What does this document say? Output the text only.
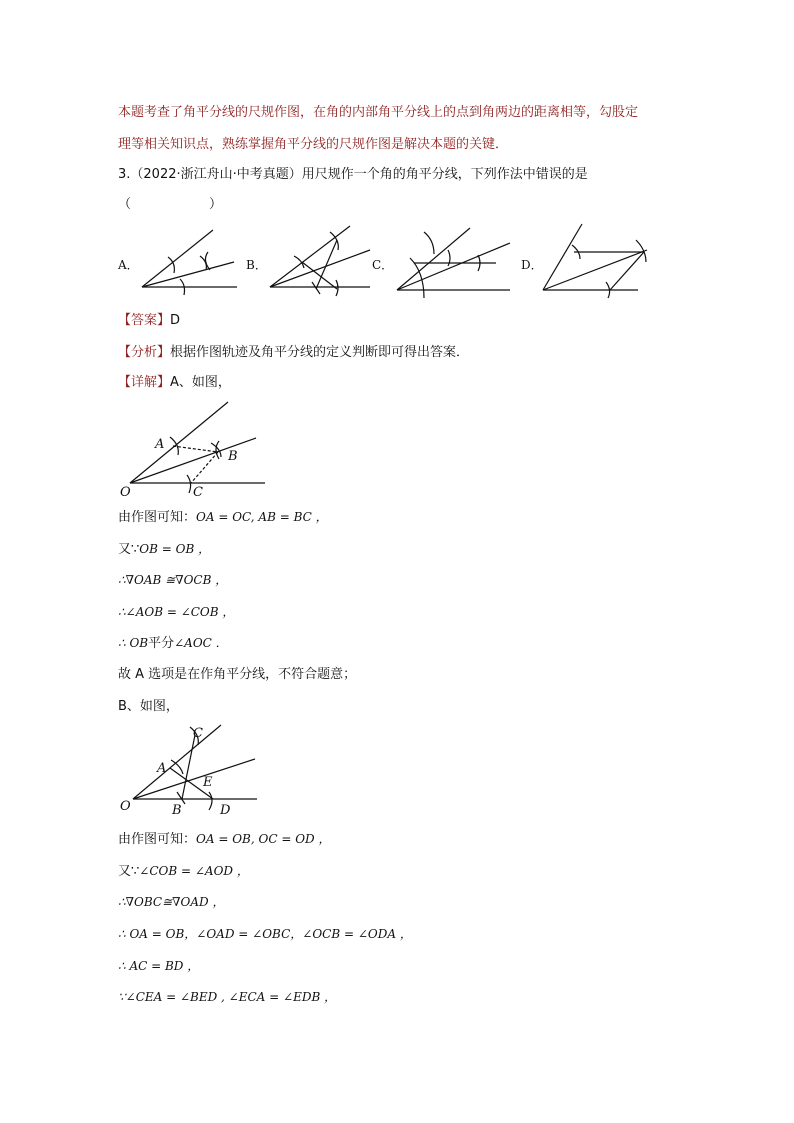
本题考查了角平分线的尺规作图，在角的内部角平分线上的点到角两边的距离相等，勾股定
理等相关知识点，熟练掌握角平分线的尺规作图是解决本题的关键．
3.（2022·浙江舟山·中考真题）用尺规作一个角的角平分线，下列作法中错误的是
（　　　　　　）
A．	B．	C．	D．
【答案】D
【分析】根据作图轨迹及角平分线的定义判断即可得出答案．
【详解】A、如图，
A
B
C
O
由作图可知：OA = OC, AB = BC ，
又∵OB = OB ，
∴∇OAB ≅∇OCB ，
∴∠AOB = ∠COB ，
∴ OB平分∠AOC ．
故 A 选项是在作角平分线，不符合题意；
B、如图，
C
A
E
B	D
O
由作图可知：OA = OB, OC = OD ，
又∵∠COB = ∠AOD ，
∴∇OBC≅∇OAD ，
∴ OA = OB，∠OAD = ∠OBC，∠OCB = ∠ODA ，
∴ AC = BD ，
∵∠CEA = ∠BED , ∠ECA = ∠EDB ，
